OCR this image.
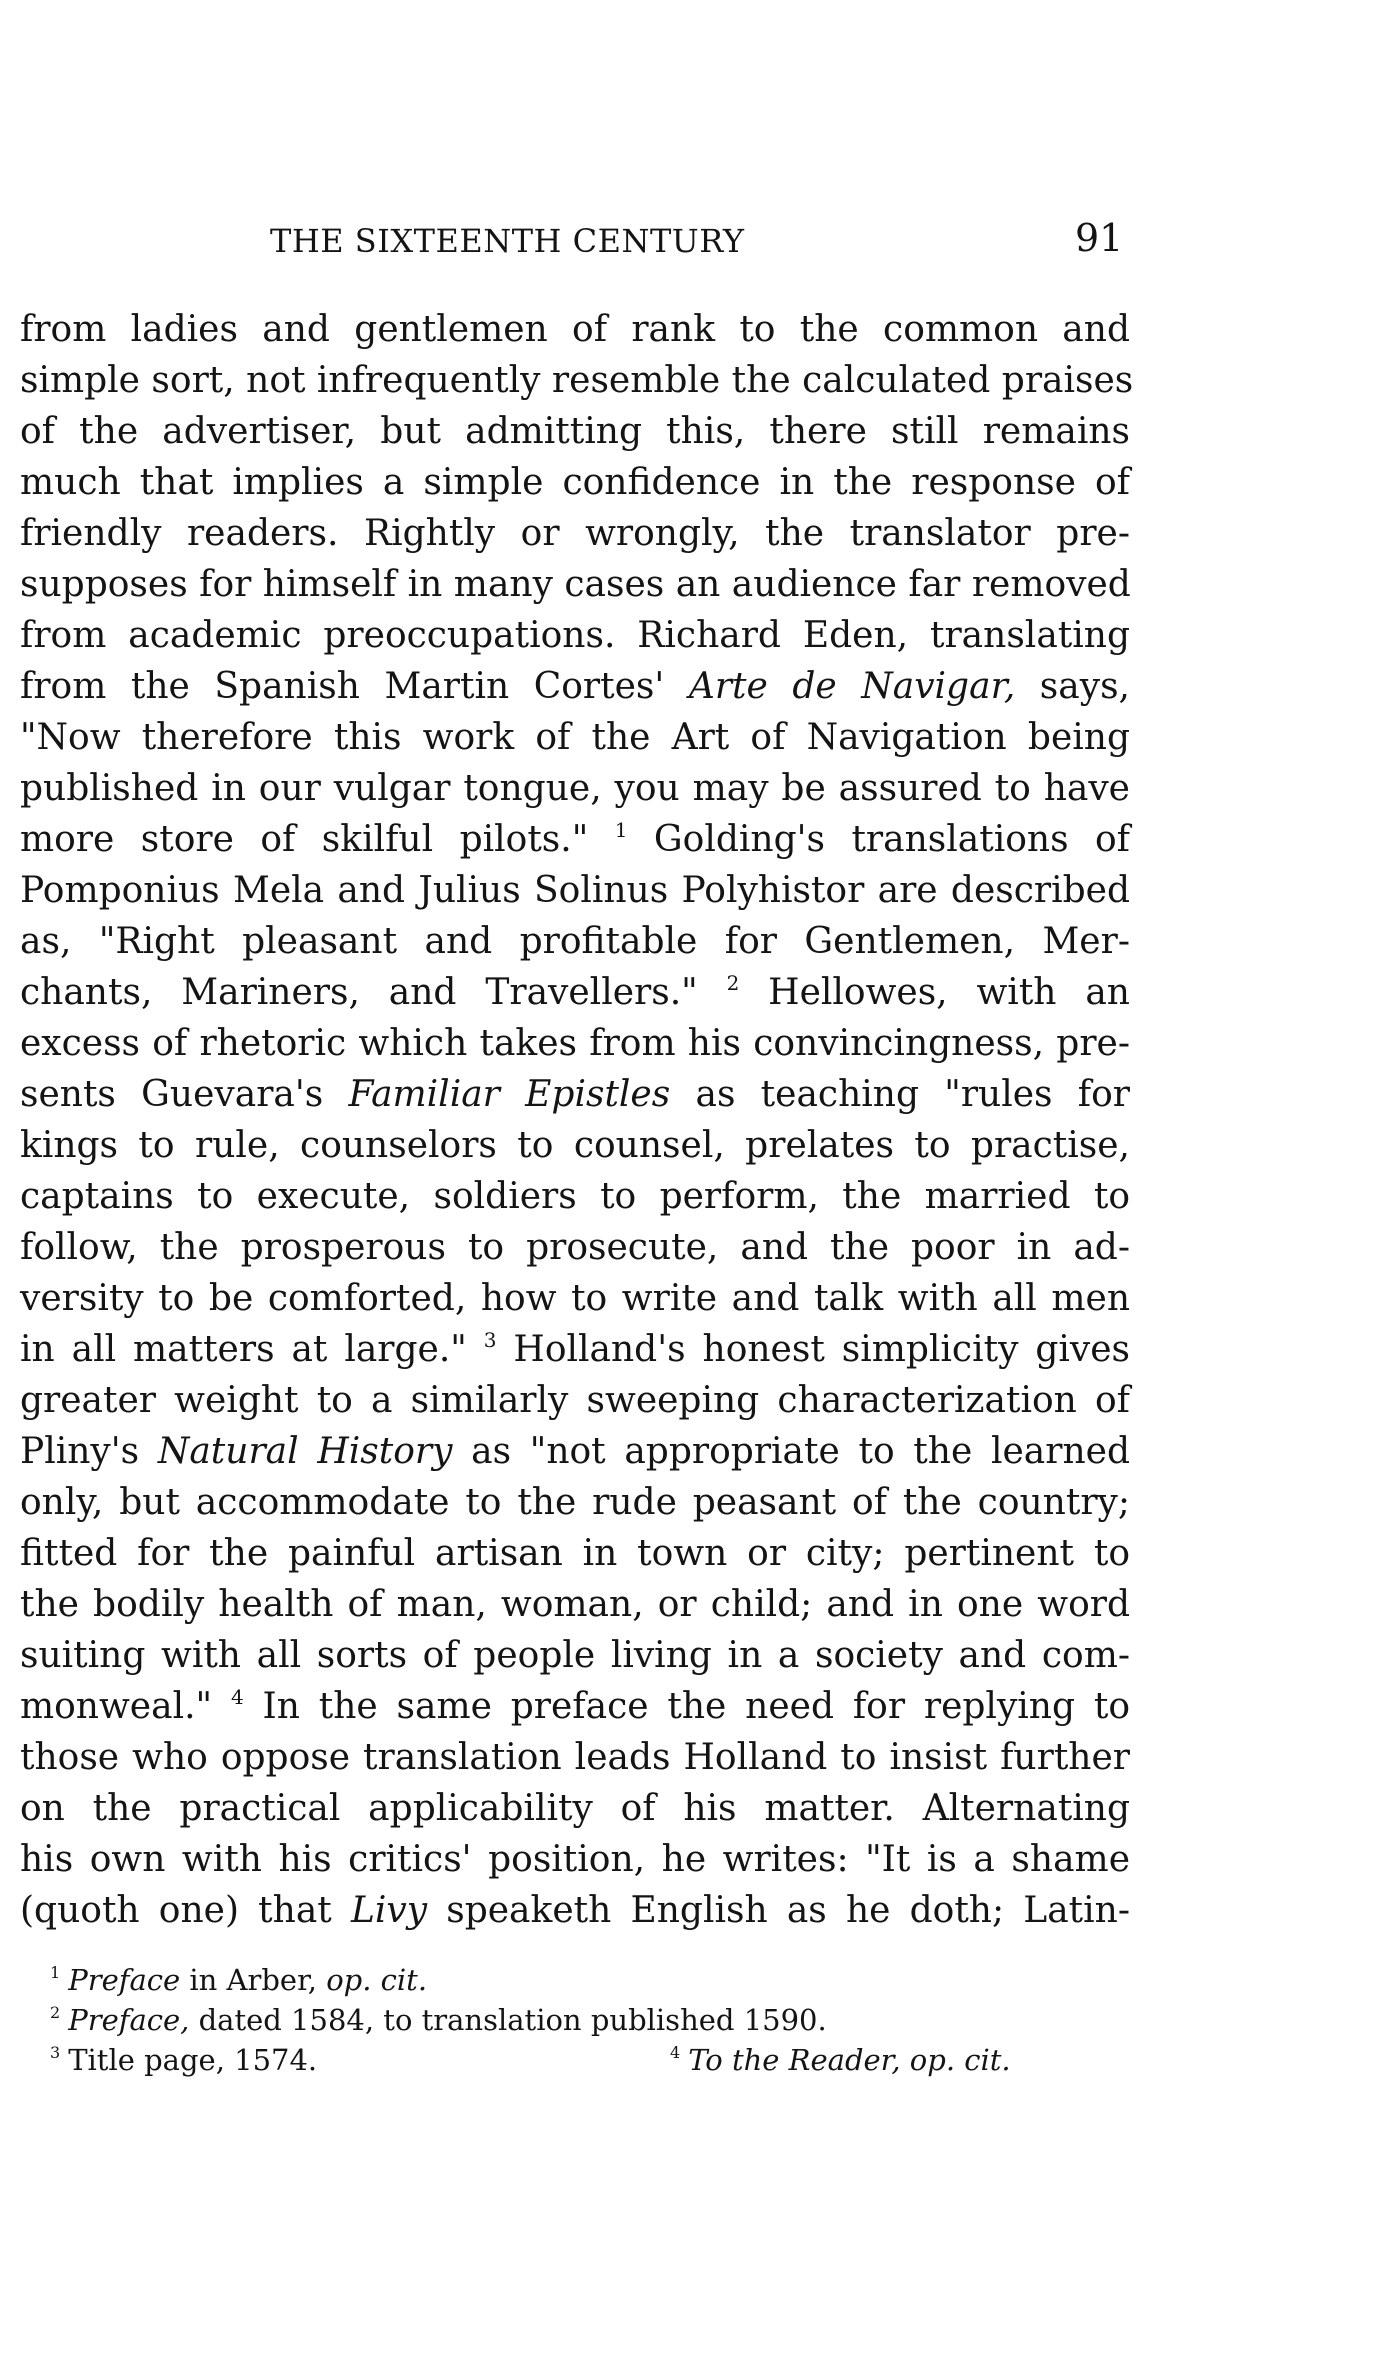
THE SIXTEENTH CENTURY	91
from ladies and gentlemen of rank to the common and
simple sort, not infrequently resemble the calculated praises
of the advertiser, but admitting this, there still remains
much that implies a simple confidence in the response of
friendly readers. Rightly or wrongly, the translator pre-
supposes for himself in many cases an audience far removed
from academic preoccupations. Richard Eden, translating
from the Spanish Martin Cortes' Arte de Navigar, says,
"Now therefore this work of the Art of Navigation being
published in our vulgar tongue, you may be assured to have
more store of skilful pilots." $^1$ Golding's translations of
Pomponius Mela and Julius Solinus Polyhistor are described
as, "Right pleasant and profitable for Gentlemen, Mer-
chants, Mariners, and Travellers." $^2$ Hellowes, with an
excess of rhetoric which takes from his convincingness, pre-
sents Guevara's Familiar Epistles as teaching "rules for
kings to rule, counselors to counsel, prelates to practise,
captains to execute, soldiers to perform, the married to
follow, the prosperous to prosecute, and the poor in ad-
versity to be comforted, how to write and talk with all men
in all matters at large." $^3$ Holland's honest simplicity gives
greater weight to a similarly sweeping characterization of
Pliny's Natural History as "not appropriate to the learned
only, but accommodate to the rude peasant of the country;
fitted for the painful artisan in town or city; pertinent to
the bodily health of man, woman, or child; and in one word
suiting with all sorts of people living in a society and com-
monweal." $^4$ In the same preface the need for replying to
those who oppose translation leads Holland to insist further
on the practical applicability of his matter. Alternating
his own with his critics' position, he writes: "It is a shame
(quoth one) that Livy speaketh English as he doth; Latin-
$^1$ Preface in Arber, op. cit.
$^2$ Preface, dated 1584, to translation published 1590.
$^3$ Title page, 1574.	$^4$ To the Reader, op. cit.
